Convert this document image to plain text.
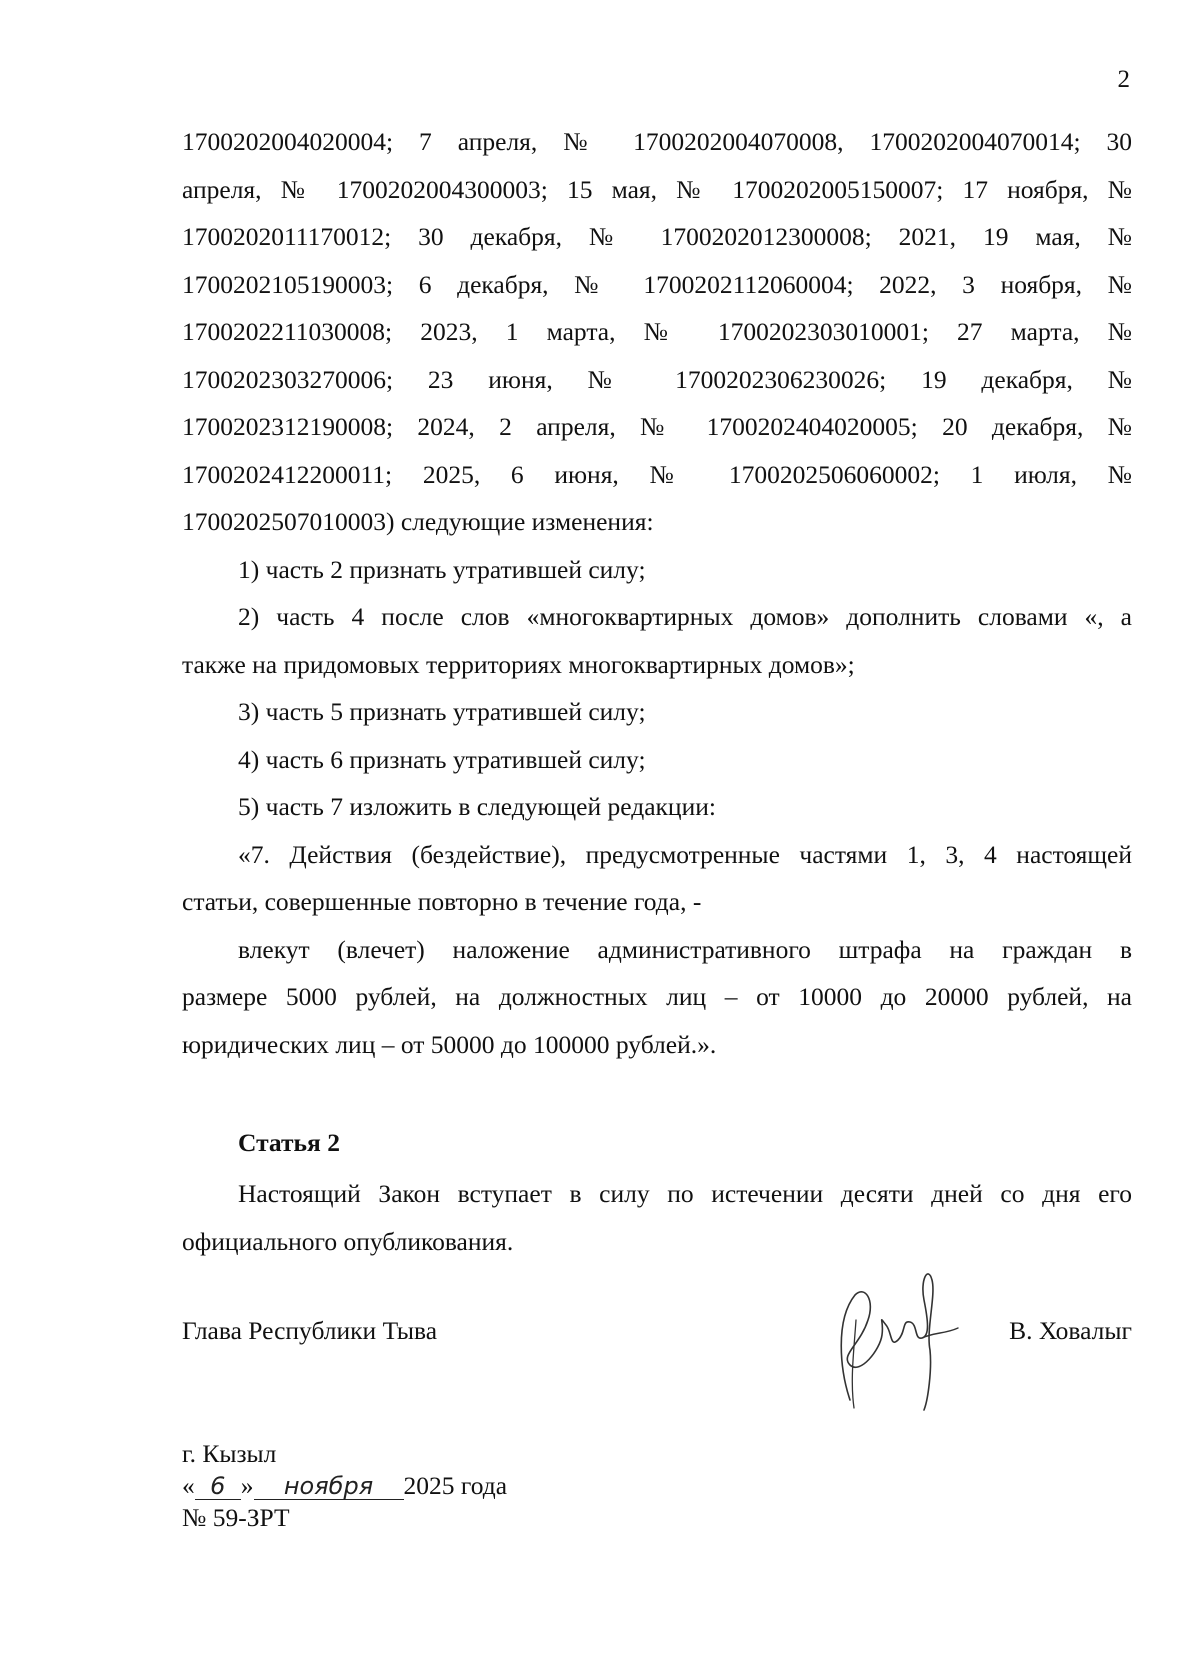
2
1700202004020004; 7 апреля, № 1700202004070008, 1700202004070014; 30
апреля, № 1700202004300003; 15 мая, № 1700202005150007; 17 ноября, №
1700202011170012; 30 декабря, № 1700202012300008; 2021, 19 мая, №
1700202105190003; 6 декабря, № 1700202112060004; 2022, 3 ноября, №
1700202211030008; 2023, 1 марта, № 1700202303010001; 27 марта, №
1700202303270006; 23 июня, № 1700202306230026; 19 декабря, №
1700202312190008; 2024, 2 апреля, № 1700202404020005; 20 декабря, №
1700202412200011; 2025, 6 июня, № 1700202506060002; 1 июля, №
1700202507010003) следующие изменения:
1) часть 2 признать утратившей силу;
2) часть 4 после слов «многоквартирных домов» дополнить словами «, а
также на придомовых территориях многоквартирных домов»;
3) часть 5 признать утратившей силу;
4) часть 6 признать утратившей силу;
5) часть 7 изложить в следующей редакции:
«7. Действия (бездействие), предусмотренные частями 1, 3, 4 настоящей
статьи, совершенные повторно в течение года, -
влекут (влечет) наложение административного штрафа на граждан в
размере 5000 рублей, на должностных лиц – от 10000 до 20000 рублей, на
юридических лиц – от 50000 до 100000 рублей.».
Статья 2
Настоящий Закон вступает в силу по истечении десяти дней со дня его
официального опубликования.
Глава Республики Тыва	В. Ховалыг
г. Кызыл
« 6 » ноября 2025 года
№ 59-ЗРТ
